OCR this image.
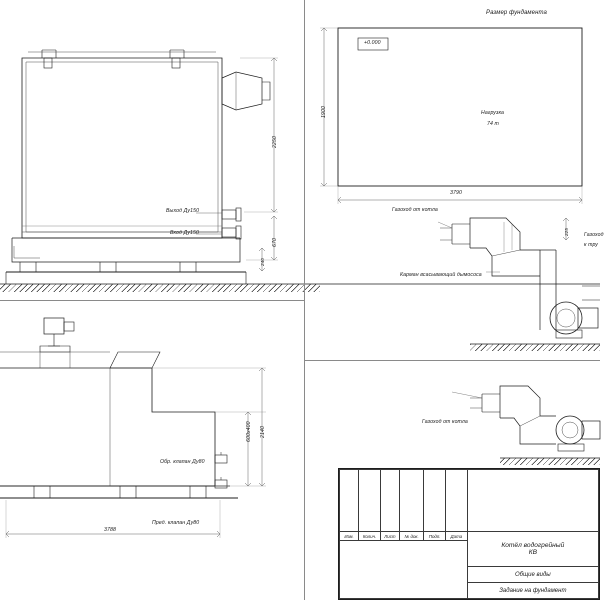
Размер фундамента
+0.000
Нагрузка
74 т
3790
1900
Выход Ду150
Вход Ду150
2250
670
240
Обр. клапан Ду80
Пред. клапан Ду80
600x400 2140
3788
Газоход от котла
Карман всасывающий дымососа
Газоход
к тру
225
Газоход от котла

Изм.	Колич.	Лист	№ док.	Подп.	Дата	Котёл водогрейный
КВ

						Общие виды
						Задание на фундамент
